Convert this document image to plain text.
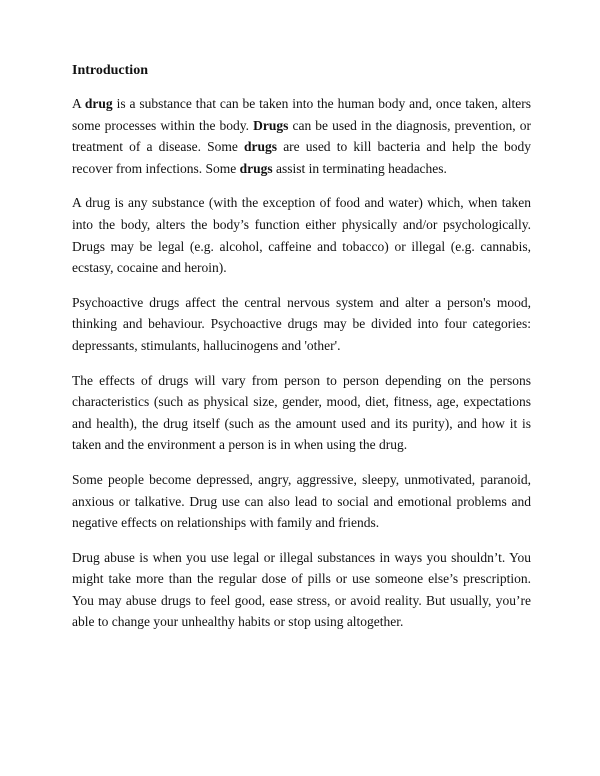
Introduction

A drug is a substance that can be taken into the human body and, once taken, alters some processes within the body. Drugs can be used in the diagnosis, prevention, or treatment of a disease. Some drugs are used to kill bacteria and help the body recover from infections. Some drugs assist in terminating headaches.

A drug is any substance (with the exception of food and water) which, when taken into the body, alters the body’s function either physically and/or psychologically. Drugs may be legal (e.g. alcohol, caffeine and tobacco) or illegal (e.g. cannabis, ecstasy, cocaine and heroin).

Psychoactive drugs affect the central nervous system and alter a person's mood, thinking and behaviour. Psychoactive drugs may be divided into four categories: depressants, stimulants, hallucinogens and 'other'.

The effects of drugs will vary from person to person depending on the persons characteristics (such as physical size, gender, mood, diet, fitness, age, expectations and health), the drug itself (such as the amount used and its purity), and how it is taken and the environment a person is in when using the drug.

Some people become depressed, angry, aggressive, sleepy, unmotivated, paranoid, anxious or talkative. Drug use can also lead to social and emotional problems and negative effects on relationships with family and friends.

Drug abuse is when you use legal or illegal substances in ways you shouldn’t. You might take more than the regular dose of pills or use someone else’s prescription. You may abuse drugs to feel good, ease stress, or avoid reality. But usually, you’re able to change your unhealthy habits or stop using altogether.
